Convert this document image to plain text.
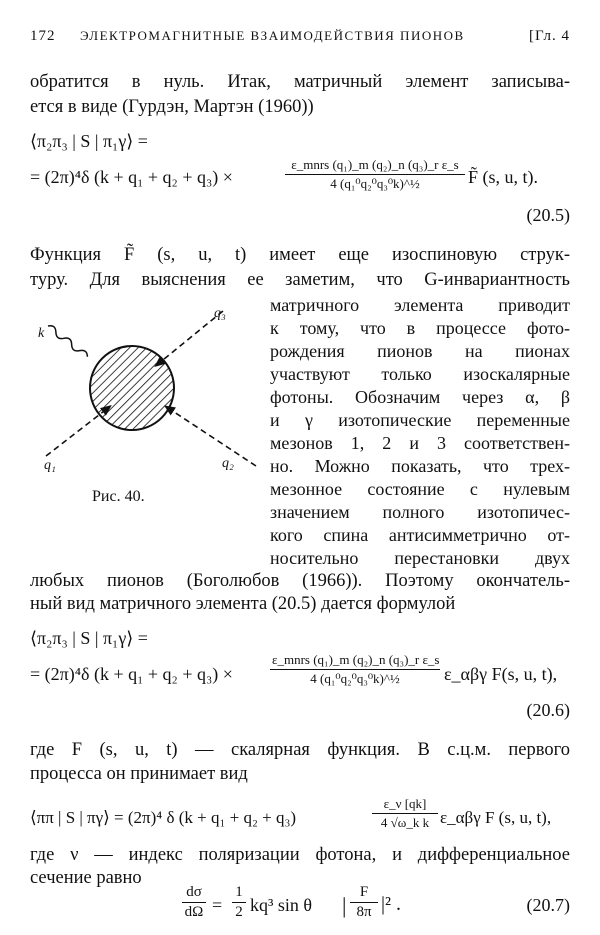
172 ЭЛЕКТРОМАГНИТНЫЕ ВЗАИМОДЕЙСТВИЯ ПИОНОВ	[Гл. 4
обратится в нуль. Итак, матричный элемент записыва-
ется в виде (Гурдэн, Мартэн (1960))
⟨π₂π₃ | S | π₁γ⟩ =
= (2π)⁴δ (k + q₁ + q₂ + q₃) ×
ε_mnrs (q₁)_m (q₂)_n (q₃)_r ε_s
4 (q₁⁰q₂⁰q₃⁰k)^½	F̃ (s, u, t).
(20.5)
Функция F̃ (s, u, t) имеет еще изоспиновую струк-
туру. Для выяснения ее заметим, что G-инвариантность
k
q₃
q₁	q₂
Рис. 40.
матричного элемента приводит
к тому, что в процессе фото-
рождения пионов на пионах
участвуют только изоскалярные
фотоны. Обозначим через α, β
и γ изотопические переменные
мезонов 1, 2 и 3 соответствен-
но. Можно показать, что трех-
мезонное состояние с нулевым
значением полного изотопичес-
кого спина антисимметрично от-
носительно перестановки двух
любых пионов (Боголюбов (1966)). Поэтому окончатель-
ный вид матричного элемента (20.5) дается формулой
⟨π₂π₃ | S | π₁γ⟩ =
= (2π)⁴δ (k + q₁ + q₂ + q₃) ×
ε_mnrs (q₁)_m (q₂)_n (q₃)_r ε_s
4 (q₁⁰q₂⁰q₃⁰k)^½	ε_αβγ F(s, u, t),
(20.6)
где F (s, u, t) — скалярная функция. В с.ц.м. первого
процесса он принимает вид
⟨ππ | S | πγ⟩ = (2π)⁴ δ (k + q₁ + q₂ + q₃)	$\frac{\varepsilon\_\nu [qk]}{\text{4 √ω\_k k}}$ ε_αβγ F (s, u, t),
где ν — индекс поляризации фотона, и дифференциальное
сечение равно
$\frac{d\sigma}{d\Omega} = \frac{1}{2} kq^3$ sin θ | $\frac{F}{8\pi} |^2$ .	(20.7)
